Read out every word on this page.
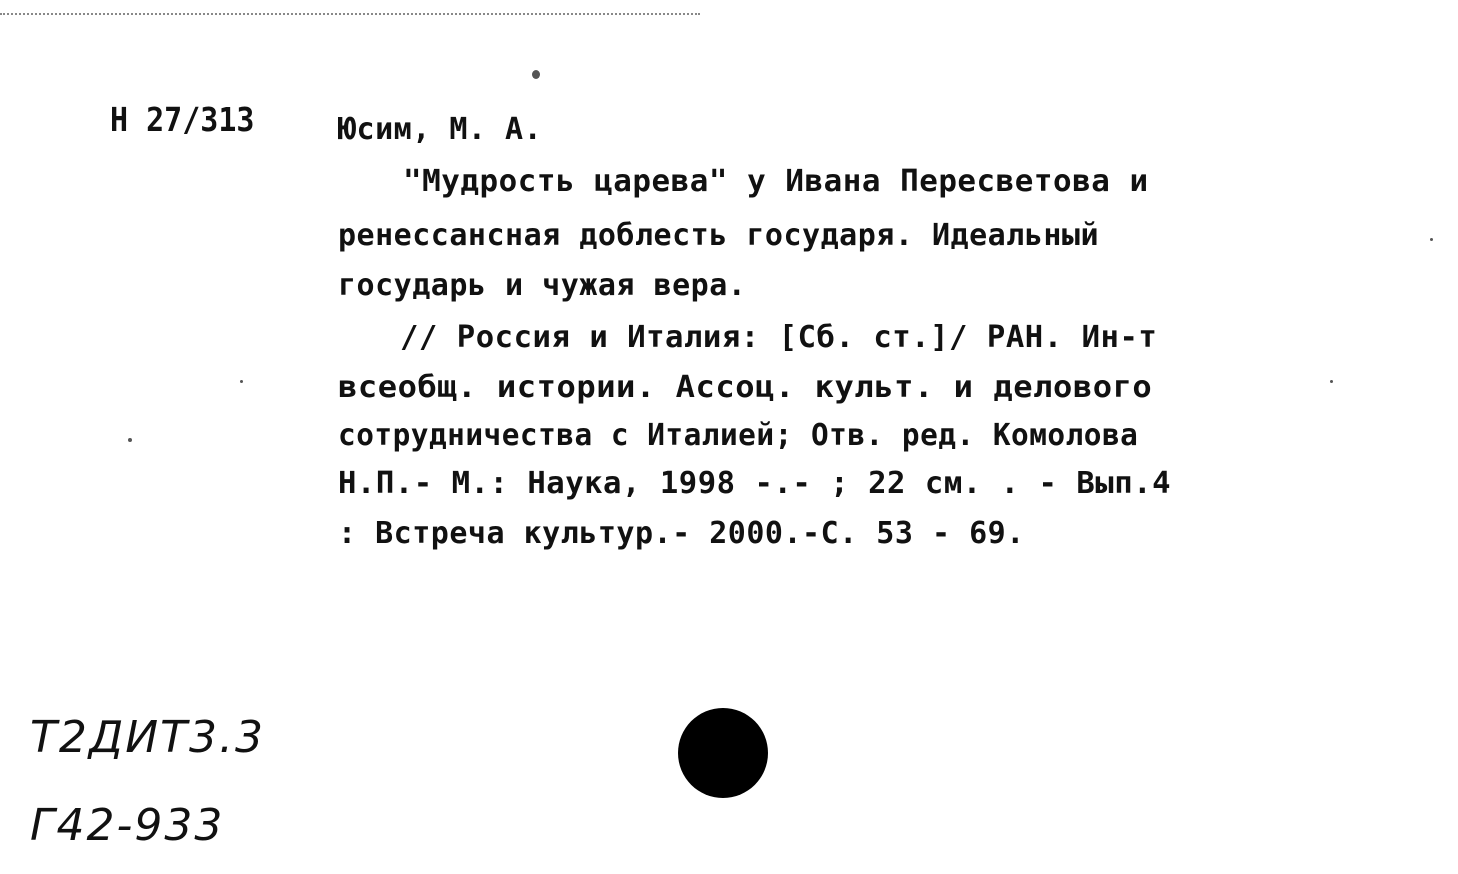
Н 27/313	Юсим, М. А.
"Мудрость царева" у Ивана Пересветова и
ренессансная доблесть государя. Идеальный
государь и чужая вера.
// Россия и Италия: [Сб. ст.]/ РАН. Ин-т
всеобщ. истории. Ассоц. культ. и делового
сотрудничества с Италией; Отв. ред. Комолова
Н.П.- М.: Наука, 1998 -.- ; 22 см. . - Вып.4
: Встреча культур.- 2000.-С. 53 - 69.
Т2ДИТ3.3
Г42-933
